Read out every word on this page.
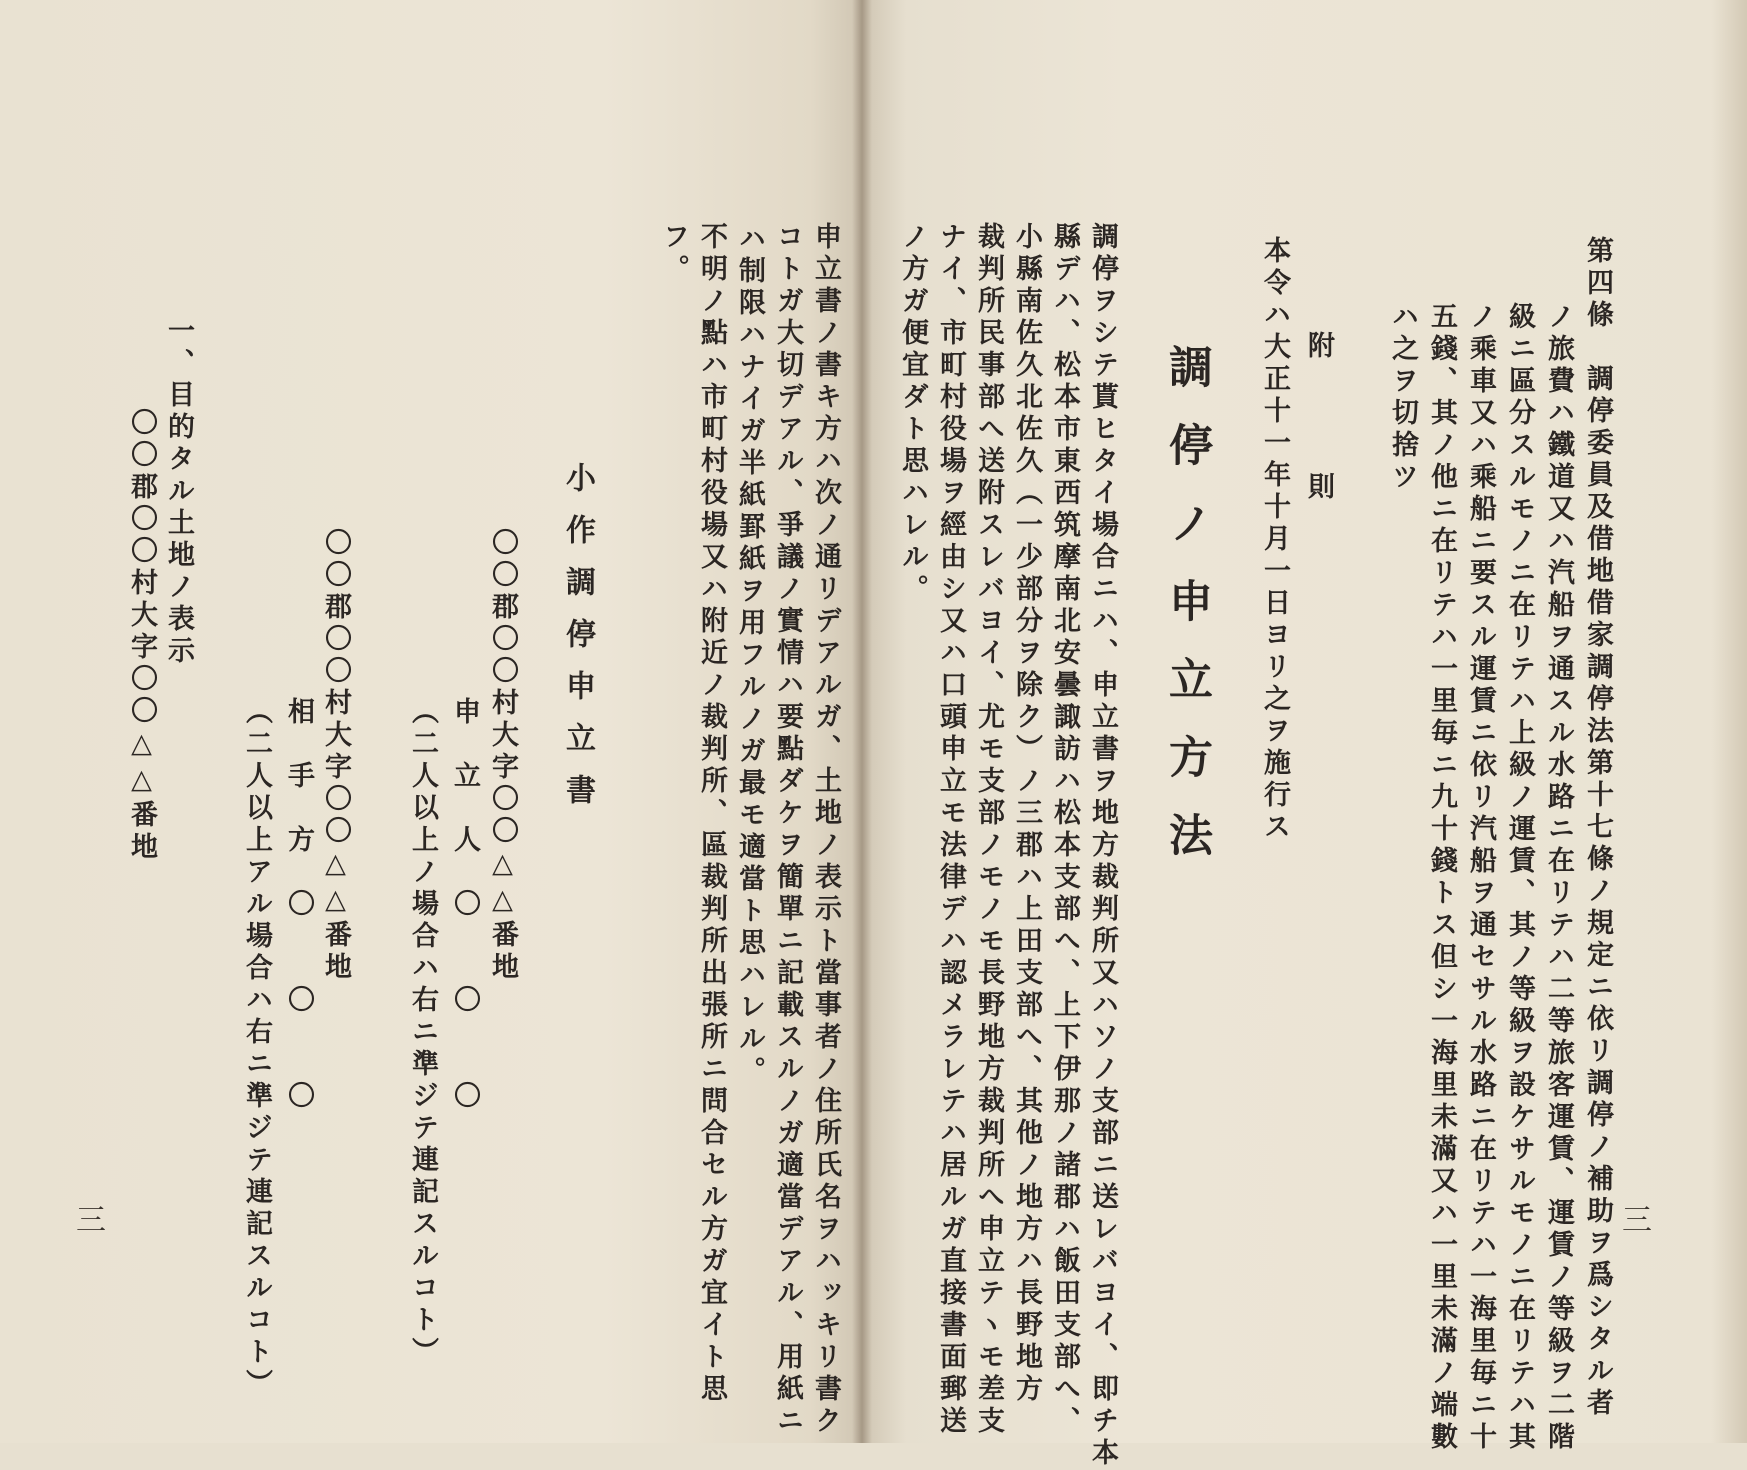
申立書ノ書キ方ハ次ノ通リデアルガ、土地ノ表示ト當事者ノ住所氏名ヲハッキリ書ク
コトガ大切デアル、爭議ノ實情ハ要點ダケヲ簡單ニ記載スルノガ適當デアル、用紙ニ
ハ制限ハナイガ半紙罫紙ヲ用フルノガ最モ適當ト思ハレル。
不明ノ點ハ市町村役場又ハ附近ノ裁判所、區裁判所出張所ニ問合セル方ガ宜イト思
フ。
小作調停申立書
〇〇郡〇〇村大字〇〇△△番地
申　立　人　〇　　〇　　〇
（二人以上ノ場合ハ右ニ準ジテ連記スルコト）
〇〇郡〇〇村大字〇〇△△番地
相　手　方　〇　　〇　　〇
（二人以上アル場合ハ右ニ準ジテ連記スルコト）
一、目的タル土地ノ表示
〇〇郡〇〇村大字〇〇△△番地
三	第四條　調停委員及借地借家調停法第十七條ノ規定ニ依リ調停ノ補助ヲ爲シタル者
ノ旅費ハ鐵道又ハ汽船ヲ通スル水路ニ在リテハ二等旅客運賃、運賃ノ等級ヲ二階
級ニ區分スルモノニ在リテハ上級ノ運賃、其ノ等級ヲ設ケサルモノニ在リテハ其
ノ乘車又ハ乘船ニ要スル運賃ニ依リ汽船ヲ通セサル水路ニ在リテハ一海里毎ニ十
五錢、其ノ他ニ在リテハ一里毎ニ九十錢トス但シ一海里未滿又ハ一里未滿ノ端數
ハ之ヲ切捨ツ
附　　則
本令ハ大正十一年十月一日ヨリ之ヲ施行ス
調停ノ申立方法
調停ヲシテ貰ヒタイ場合ニハ、申立書ヲ地方裁判所又ハソノ支部ニ送レバヨイ、即チ本
縣デハ、松本市東西筑摩南北安曇諏訪ハ松本支部へ、上下伊那ノ諸郡ハ飯田支部へ、
小縣南佐久北佐久（一少部分ヲ除ク）ノ三郡ハ上田支部へ、其他ノ地方ハ長野地方
裁判所民事部へ送附スレバヨイ、尤モ支部ノモノモ長野地方裁判所へ申立テヽモ差支
ナイ、市町村役場ヲ經由シ又ハ口頭申立モ法律デハ認メラレテハ居ルガ直接書面郵送
ノ方ガ便宜ダト思ハレル。
三
